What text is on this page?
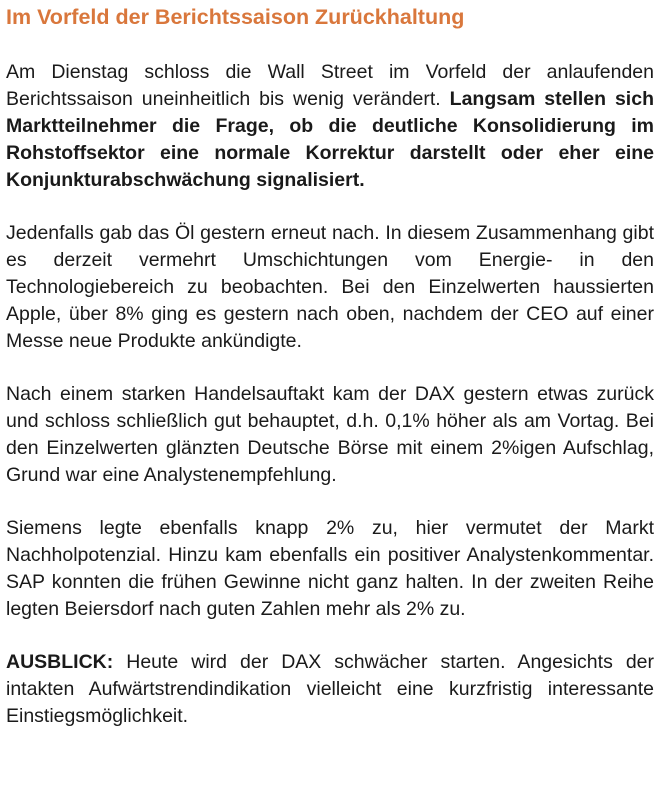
Im Vorfeld der Berichtssaison Zurückhaltung

Am Dienstag schloss die Wall Street im Vorfeld der anlaufenden Berichtssaison uneinheitlich bis wenig verändert. Langsam stellen sich Marktteilnehmer die Frage, ob die deutliche Konsolidierung im Rohstoffsektor eine normale Korrektur darstellt oder eher eine Konjunkturabschwächung signalisiert.

Jedenfalls gab das Öl gestern erneut nach. In diesem Zusammenhang gibt es derzeit vermehrt Umschichtungen vom Energie- in den Technologiebereich zu beobachten. Bei den Einzelwerten haussierten Apple, über 8% ging es gestern nach oben, nachdem der CEO auf einer Messe neue Produkte ankündigte.

Nach einem starken Handelsauftakt kam der DAX gestern etwas zurück und schloss schließlich gut behauptet, d.h. 0,1% höher als am Vortag. Bei den Einzelwerten glänzten Deutsche Börse mit einem 2%igen Aufschlag, Grund war eine Analystenempfehlung.

Siemens legte ebenfalls knapp 2% zu, hier vermutet der Markt Nachholpotenzial. Hinzu kam ebenfalls ein positiver Analystenkommentar. SAP konnten die frühen Gewinne nicht ganz halten. In der zweiten Reihe legten Beiersdorf nach guten Zahlen mehr als 2% zu.

AUSBLICK: Heute wird der DAX schwächer starten. Angesichts der intakten Aufwärtstrendindikation vielleicht eine kurzfristig interessante Einstiegsmöglichkeit.
